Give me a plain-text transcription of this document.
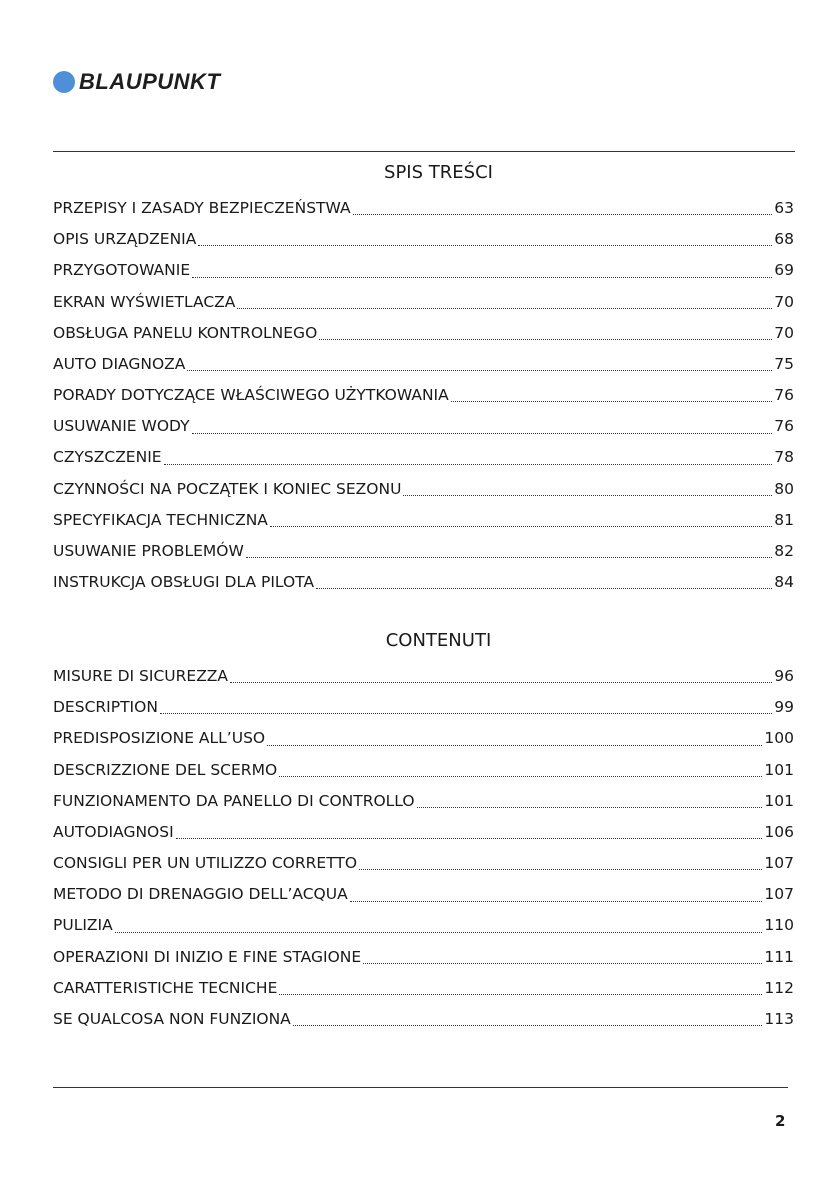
BLAUPUNKT
SPIS TREŚCI
PRZEPISY I ZASADY BEZPIECZEŃSTWA	63
OPIS URZĄDZENIA	68
PRZYGOTOWANIE	69
EKRAN WYŚWIETLACZA	70
OBSŁUGA PANELU KONTROLNEGO	70
AUTO DIAGNOZA	75
PORADY DOTYCZĄCE WŁAŚCIWEGO UŻYTKOWANIA	76
USUWANIE WODY	76
CZYSZCZENIE	78
CZYNNOŚCI NA POCZĄTEK I KONIEC SEZONU	80
SPECYFIKACJA TECHNICZNA	81
USUWANIE PROBLEMÓW	82
INSTRUKCJA OBSŁUGI DLA PILOTA	84
CONTENUTI
MISURE DI SICUREZZA	96
DESCRIPTION	99
PREDISPOSIZIONE ALL’USO	100
DESCRIZZIONE DEL SCERMO	101
FUNZIONAMENTO DA PANELLO DI CONTROLLO	101
AUTODIAGNOSI	106
CONSIGLI PER UN UTILIZZO CORRETTO	107
METODO DI DRENAGGIO DELL’ACQUA	107
PULIZIA	110
OPERAZIONI DI INIZIO E FINE STAGIONE	111
CARATTERISTICHE TECNICHE	112
SE QUALCOSA NON FUNZIONA	113
2
